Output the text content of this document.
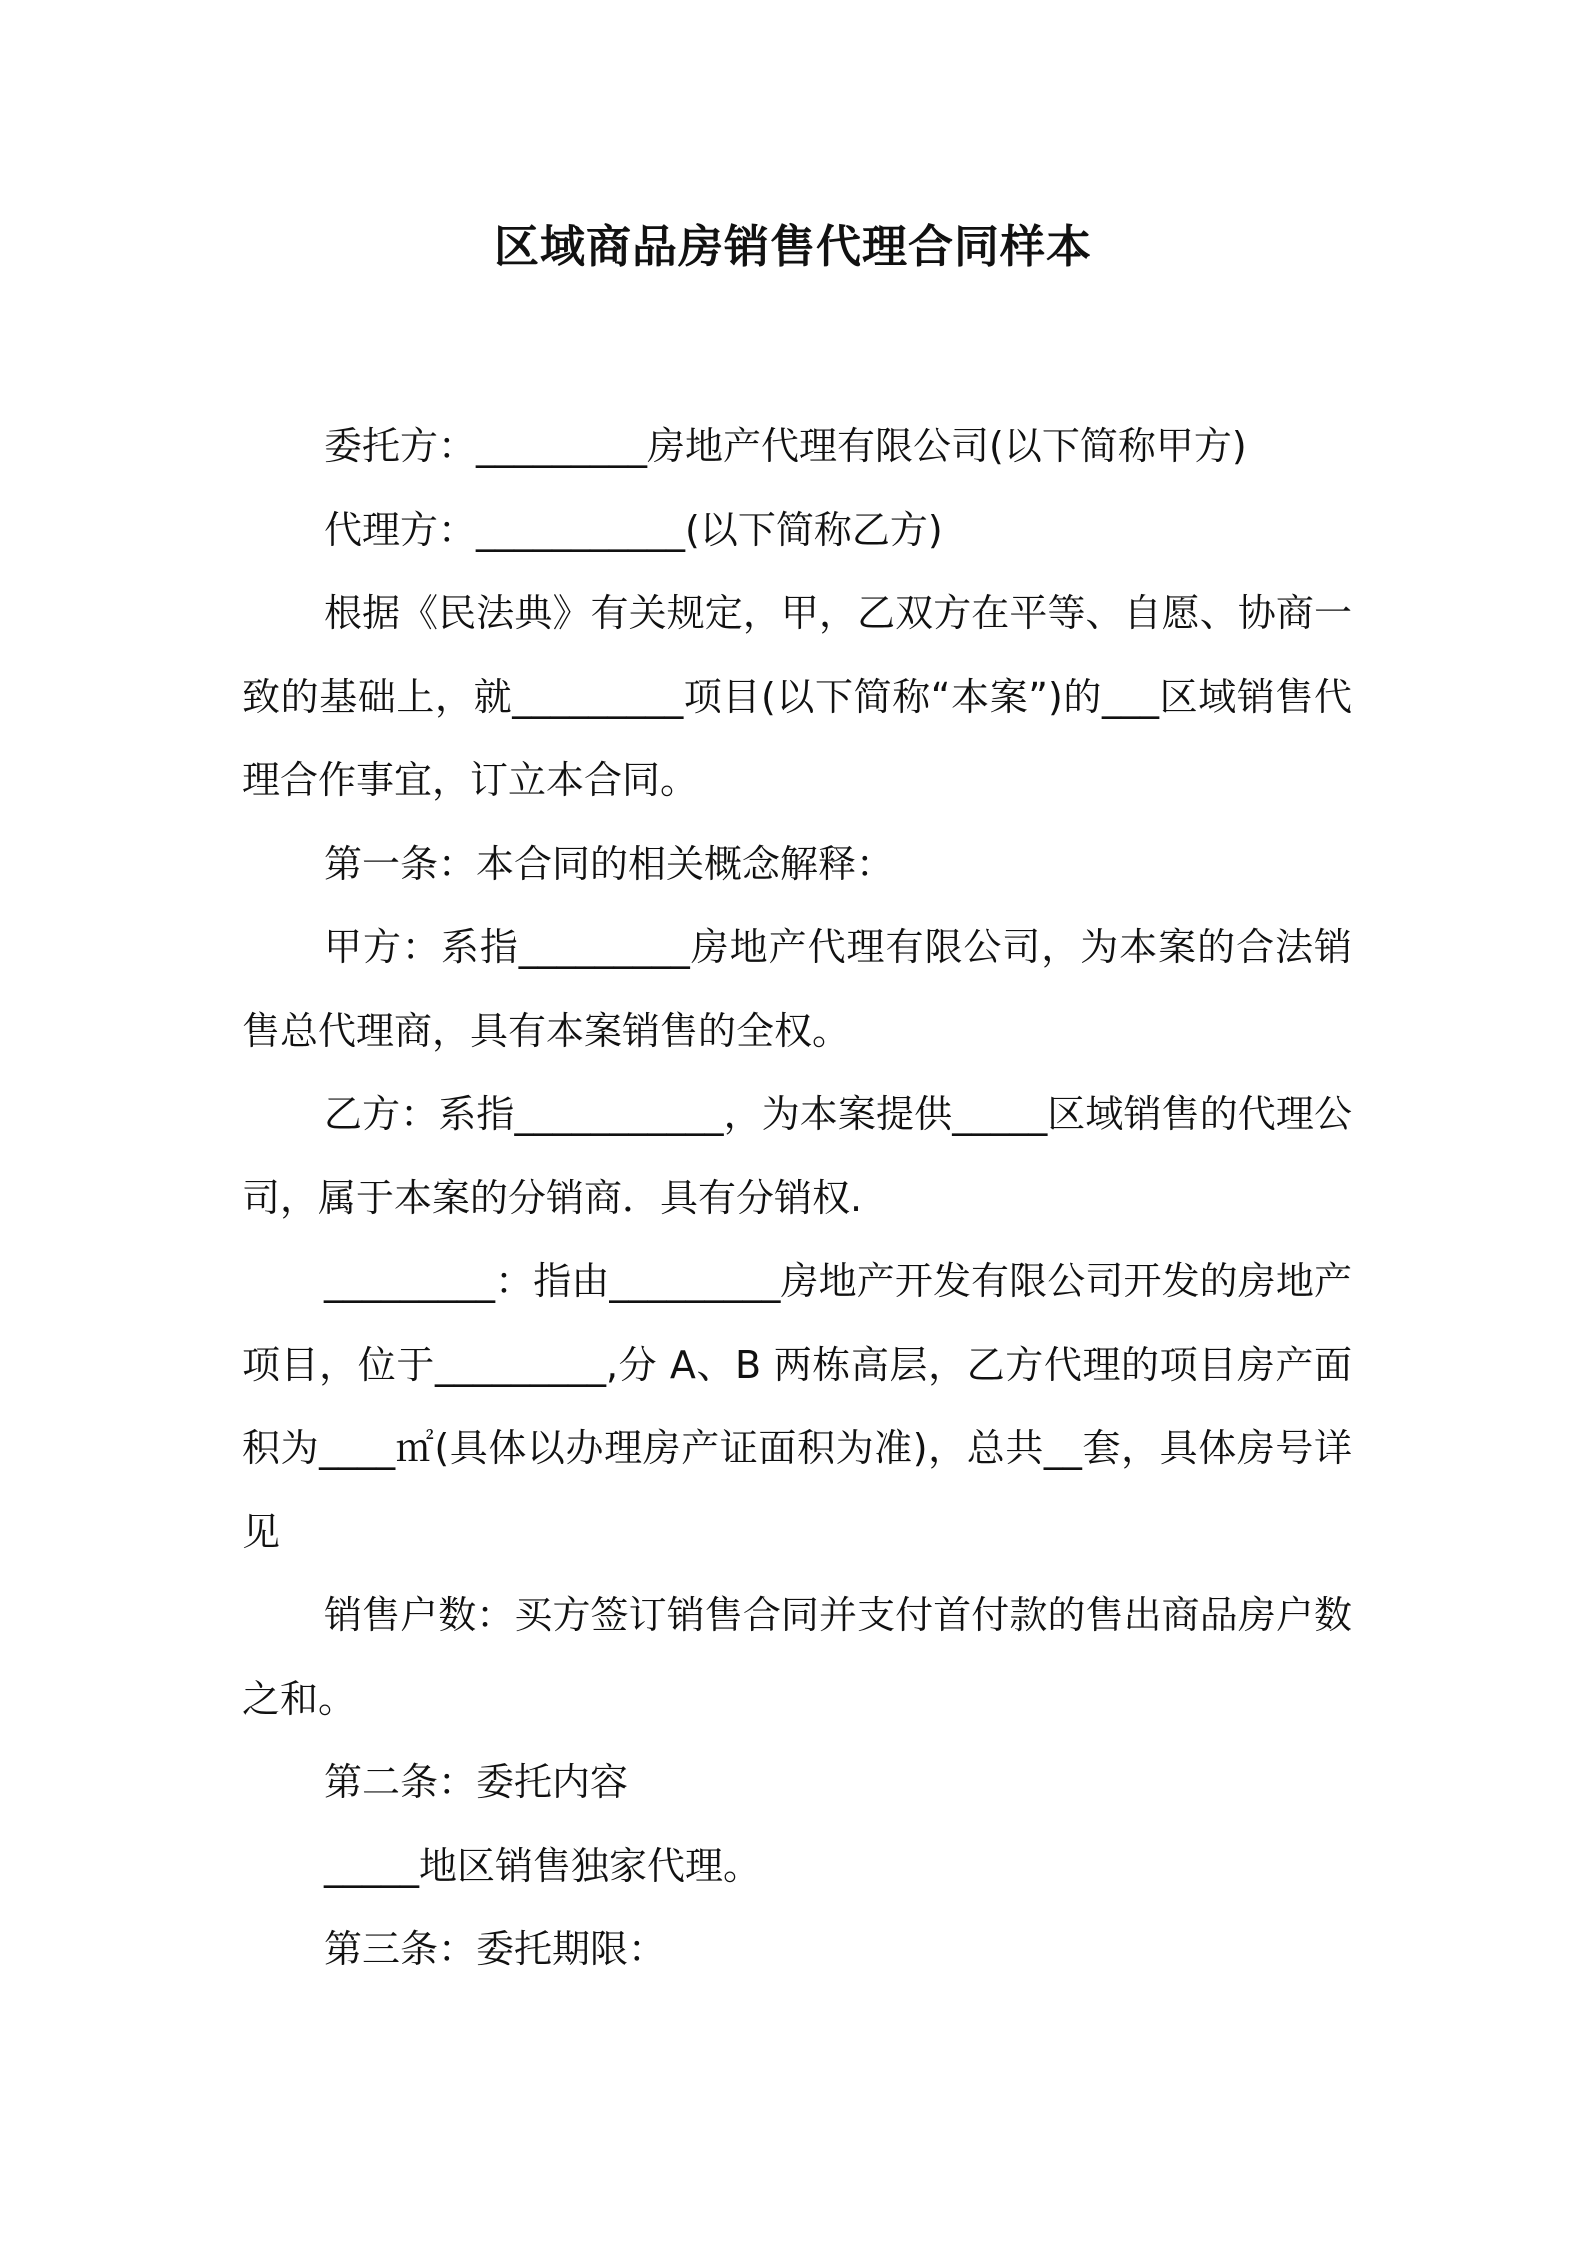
区域商品房销售代理合同样本

委托方：_________房地产代理有限公司(以下简称甲方)

代理方：___________(以下简称乙方)

根据《民法典》有关规定，甲，乙双方在平等、自愿、协商一致的基础上，就_________项目(以下简称“本案”)的___区域销售代理合作事宜，订立本合同。

第一条：本合同的相关概念解释：

甲方：系指_________房地产代理有限公司，为本案的合法销售总代理商，具有本案销售的全权。

乙方：系指___________，为本案提供_____区域销售的代理公司，属于本案的分销商．具有分销权.

_________：指由_________房地产开发有限公司开发的房地产项目，位于_________,分 A、B 两栋高层，乙方代理的项目房产面积为____㎡(具体以办理房产证面积为准)，总共__套，具体房号详见

销售户数：买方签订销售合同并支付首付款的售出商品房户数之和。

第二条：委托内容

_____地区销售独家代理。

第三条：委托期限：
